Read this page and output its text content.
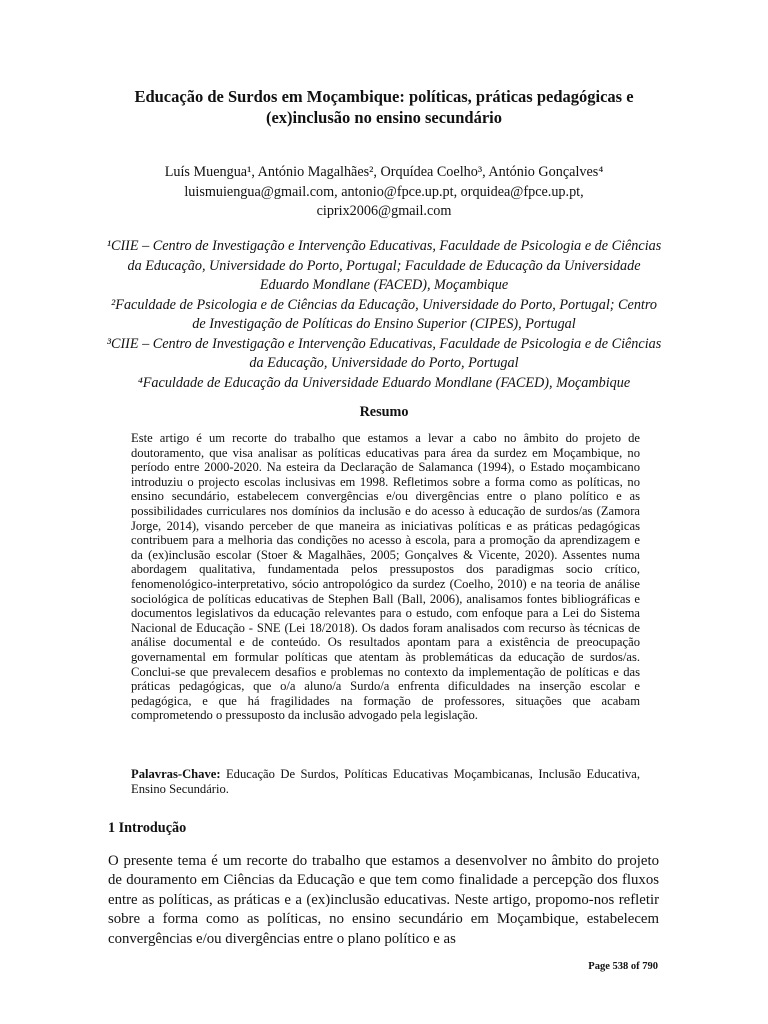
Educação de Surdos em Moçambique: políticas, práticas pedagógicas e (ex)inclusão no ensino secundário

Luís Muengua¹, António Magalhães², Orquídea Coelho³, António Gonçalves⁴

luismuiengua@gmail.com, antonio@fpce.up.pt, orquidea@fpce.up.pt,

ciprix2006@gmail.com

¹CIIE – Centro de Investigação e Intervenção Educativas, Faculdade de Psicologia e de Ciências da Educação, Universidade do Porto, Portugal; Faculdade de Educação da Universidade Eduardo Mondlane (FACED), Moçambique

²Faculdade de Psicologia e de Ciências da Educação, Universidade do Porto, Portugal; Centro de Investigação de Políticas do Ensino Superior (CIPES), Portugal

³CIIE – Centro de Investigação e Intervenção Educativas, Faculdade de Psicologia e de Ciências da Educação, Universidade do Porto, Portugal

⁴Faculdade de Educação da Universidade Eduardo Mondlane (FACED), Moçambique

Resumo

Este artigo é um recorte do trabalho que estamos a levar a cabo no âmbito do projeto de doutoramento, que visa analisar as políticas educativas para área da surdez em Moçambique, no período entre 2000-2020. Na esteira da Declaração de Salamanca (1994), o Estado moçambicano introduziu o projecto escolas inclusivas em 1998. Refletimos sobre a forma como as políticas, no ensino secundário, estabelecem convergências e/ou divergências entre o plano político e as possibilidades curriculares nos domínios da inclusão e do acesso à educação de surdos/as (Zamora Jorge, 2014), visando perceber de que maneira as iniciativas políticas e as práticas pedagógicas contribuem para a melhoria das condições no acesso à escola, para a promoção da aprendizagem e da (ex)inclusão escolar (Stoer & Magalhães, 2005; Gonçalves & Vicente, 2020). Assentes numa abordagem qualitativa, fundamentada pelos pressupostos dos paradigmas socio crítico, fenomenológico-interpretativo, sócio antropológico da surdez (Coelho, 2010) e na teoria de análise sociológica de políticas educativas de Stephen Ball (Ball, 2006), analisamos fontes bibliográficas e documentos legislativos da educação relevantes para o estudo, com enfoque para a Lei do Sistema Nacional de Educação - SNE (Lei 18/2018). Os dados foram analisados com recurso às técnicas de análise documental e de conteúdo. Os resultados apontam para a existência de preocupação governamental em formular políticas que atentam às problemáticas da educação de surdos/as. Conclui-se que prevalecem desafios e problemas no contexto da implementação de políticas e das práticas pedagógicas, que o/a aluno/a Surdo/a enfrenta dificuldades na inserção escolar e pedagógica, e que há fragilidades na formação de professores, situações que acabam comprometendo o pressuposto da inclusão advogado pela legislação.

Palavras-Chave: Educação De Surdos, Políticas Educativas Moçambicanas, Inclusão Educativa, Ensino Secundário.

1 Introdução

O presente tema é um recorte do trabalho que estamos a desenvolver no âmbito do projeto de douramento em Ciências da Educação e que tem como finalidade a percepção dos fluxos entre as políticas, as práticas e a (ex)inclusão educativas. Neste artigo, propomo-nos refletir sobre a forma como as políticas, no ensino secundário em Moçambique, estabelecem convergências e/ou divergências entre o plano político e as

Page 538 of 790
